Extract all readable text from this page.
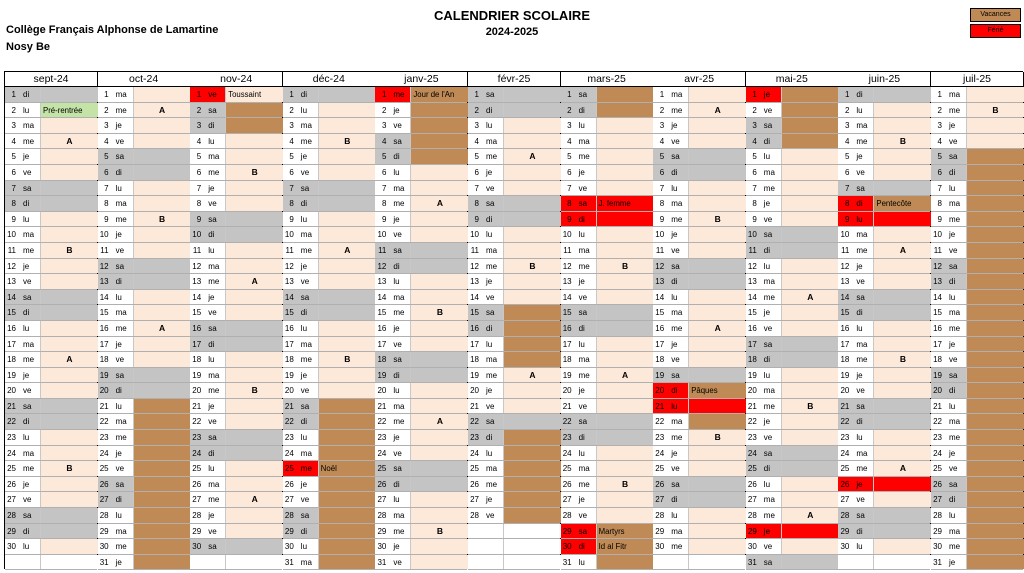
Collège Français Alphonse de Lamartine
Nosy Be
CALENDRIER SCOLAIRE
2024-2025
Vacances
Férié
sept-24
1 di
2 lu	Pré-rentrée
3 ma
4 me	A
5 je
6 ve
7 sa
8 di
9 lu
10 ma
11 me	B
12 je
13 ve
14 sa
15 di
16 lu
17 ma
18 me	A
19 je
20 ve
21 sa
22 di
23 lu
24 ma
25 me	B
26 je
27 ve
28 sa
29 di
30 lu
oct-24
1 ma
2 me	A
3 je
4 ve
5 sa
6 di
7 lu
8 ma
9 me	B
10 je
11 ve
12 sa
13 di
14 lu
15 ma
16 me	A
17 je
18 ve
19 sa
20 di
21 lu
22 ma
23 me
24 je
25 ve
26 sa
27 di
28 lu
29 ma
30 me
31 je
nov-24
1 ve	Toussaint
2 sa
3 di
4 lu
5 ma
6 me	B
7 je
8 ve
9 sa
10 di
11 lu
12 ma
13 me	A
14 je
15 ve
16 sa
17 di
18 lu
19 ma
20 me	B
21 je
22 ve
23 sa
24 di
25 lu
26 ma
27 me	A
28 je
29 ve
30 sa
déc-24
1 di
2 lu
3 ma
4 me	B
5 je
6 ve
7 sa
8 di
9 lu
10 ma
11 me	A
12 je
13 ve
14 sa
15 di
16 lu
17 ma
18 me	B
19 je
20 ve
21 sa
22 di
23 lu
24 ma
25 me	Noël
26 je
27 ve
28 sa
29 di
30 lu
31 ma
janv-25
1 me	Jour de l'An
2 je
3 ve
4 sa
5 di
6 lu
7 ma
8 me	A
9 je
10 ve
11 sa
12 di
13 lu
14 ma
15 me	B
16 je
17 ve
18 sa
19 di
20 lu
21 ma
22 me	A
23 je
24 ve
25 sa
26 di
27 lu
28 ma
29 me	B
30 je
31 ve
févr-25
1 sa
2 di
3 lu
4 ma
5 me	A
6 je
7 ve
8 sa
9 di
10 lu
11 ma
12 me	B
13 je
14 ve
15 sa
16 di
17 lu
18 ma
19 me	A
20 je
21 ve
22 sa
23 di
24 lu
25 ma
26 me
27 je
28 ve
mars-25
1 sa
2 di
3 lu
4 ma
5 me
6 je
7 ve
8 sa	J. femme
9 di
10 lu
11 ma
12 me	B
13 je
14 ve
15 sa
16 di
17 lu
18 ma
19 me	A
20 je
21 ve
22 sa
23 di
24 lu
25 ma
26 me	B
27 je
28 ve
29 sa	Martyrs
30 di	Id al Fitr
31 lu
avr-25
1 ma
2 me	A
3 je
4 ve
5 sa
6 di
7 lu
8 ma
9 me	B
10 je
11 ve
12 sa
13 di
14 lu
15 ma
16 me	A
17 je
18 ve
19 sa
20 di	Pâques
21 lu
22 ma
23 me	B
24 je
25 ve
26 sa
27 di
28 lu
29 ma
30 me
mai-25
1 je
2 ve
3 sa
4 di
5 lu
6 ma
7 me
8 je
9 ve
10 sa
11 di
12 lu
13 ma
14 me	A
15 je
16 ve
17 sa
18 di
19 lu
20 ma
21 me	B
22 je
23 ve
24 sa
25 di
26 lu
27 ma
28 me	A
29 je
30 ve
31 sa
juin-25
1 di
2 lu
3 ma
4 me	B
5 je
6 ve
7 sa
8 di	Pentecôte
9 lu
10 ma
11 me	A
12 je
13 ve
14 sa
15 di
16 lu
17 ma
18 me	B
19 je
20 ve
21 sa
22 di
23 lu
24 ma
25 me	A
26 je
27 ve
28 sa
29 di
30 lu
juil-25
1 ma
2 me	B
3 je
4 ve
5 sa
6 di
7 lu
8 ma
9 me
10 je
11 ve
12 sa
13 di
14 lu
15 ma
16 me
17 je
18 ve
19 sa
20 di
21 lu
22 ma
23 me
24 je
25 ve
26 sa
27 di
28 lu
29 ma
30 me
31 je
